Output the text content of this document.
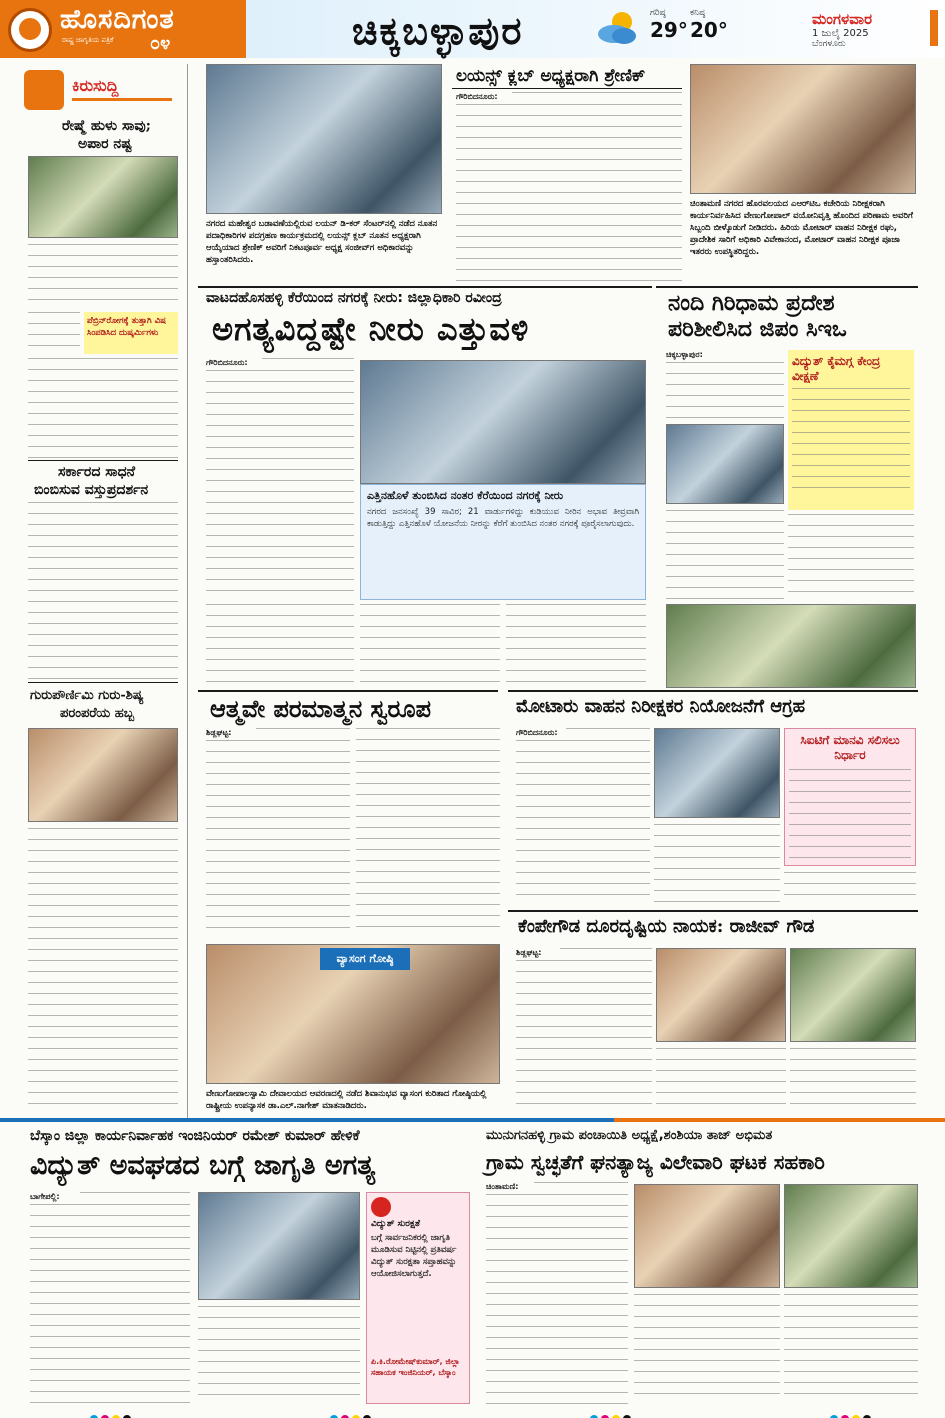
ಹೊಸದಿಗಂತ
ರಾಷ್ಟ್ರ ಜಾಗೃತಿಯ ಪತ್ರಿಕೆ ೦೪	ಚಿಕ್ಕಬಳ್ಳಾಪುರ	ಗರಿಷ್ಠ
29°
ಕನಿಷ್ಠ
20°	ಮಂಗಳವಾರ
1 ಜುಲೈ 2025
ಬೆಂಗಳೂರು
ಕಿರುಸುದ್ದಿ
ರೇಷ್ಮೆ ಹುಳು ಸಾವು;
ಅಪಾರ ನಷ್ಟ
ಪೆಬ್ರಿನ್‌ರೋಗಕ್ಕೆ ತುತ್ತಾಗಿ ವಿಷ ಸಿಂಪಡಿಸಿದ ದುಷ್ಕರ್ಮಿಗಳು
ಸರ್ಕಾರದ ಸಾಧನೆ
ಬಿಂಬಿಸುವ ವಸ್ತುಪ್ರದರ್ಶನ
ಗುರುಪೌರ್ಣಿಮಿ ಗುರು-ಶಿಷ್ಯ
ಪರಂಪರೆಯ ಹಬ್ಬ
ನಗರದ ಮಹೇಶ್ವರ ಬಡಾವಣೆಯಲ್ಲಿರುವ ಲಯನ್ ಡಿ-ಕರ್ ಸೆಂಟರ್‌ನಲ್ಲಿ ನಡೆದ ನೂತನ ಪದಾಧಿಕಾರಿಗಳ ಪದಗ್ರಹಣ ಕಾರ್ಯಕ್ರಮದಲ್ಲಿ ಲಯನ್ಸ್ ಕ್ಲಬ್ ನೂತನ ಅಧ್ಯಕ್ಷರಾಗಿ ಆಯ್ಕೆಯಾದ ಶ್ರೇಣಿಕ್ ಅವರಿಗೆ ನಿಕಟಪೂರ್ವ ಅಧ್ಯಕ್ಷ ಸಂಜೀವ್‌ಗ ಅಧಿಕಾರವನ್ನು ಹಸ್ತಾಂತರಿಸಿದರು.
ಲಯನ್ಸ್ ಕ್ಲಬ್ ಅಧ್ಯಕ್ಷರಾಗಿ ಶ್ರೇಣಿಕ್
ಗೌರಿಬಿದನೂರು:
ಚಿಂತಾಮಣಿ ನಗರದ ಹೊರವಲಯದ ಎಆರ್‌ಟಿಒ ಕಚೇರಿಯ ನಿರೀಕ್ಷಕರಾಗಿ ಕಾರ್ಯನಿರ್ವಹಿಸಿದ ವೇಣುಗೋಪಾಲ್ ವಯೋನಿವೃತ್ತಿ ಹೊಂದಿದ ಪರಿಣಾಮ ಅವರಿಗೆ ಸಿಬ್ಬಂದಿ ಬೀಳ್ಕೊಡುಗೆ ನೀಡಿದರು. ಹಿರಿಯ ಮೋಟಾರ್ ವಾಹನ ನಿರೀಕ್ಷಕ ರಘು, ಪ್ರಾದೇಶಿಕ ಸಾರಿಗೆ ಅಧಿಕಾರಿ ವಿವೇಕಾನಂದ, ಮೋಟಾರ್ ವಾಹನ ನಿರೀಕ್ಷಕ ಪೂಜಾ ಇತರರು ಉಪಸ್ಥಿತರಿದ್ದರು.
ವಾಟದಹೊಸಹಳ್ಳಿ ಕೆರೆಯಿಂದ ನಗರಕ್ಕೆ ನೀರು: ಜಿಲ್ಲಾಧಿಕಾರಿ ರವೀಂದ್ರ
ಅಗತ್ಯವಿದ್ದಷ್ಟೇ ನೀರು ಎತ್ತುವಳಿ
ಗೌರಿಬಿದನೂರು:
ಎತ್ತಿನಹೊಳೆ ತುಂಬಿಸಿದ ನಂತರ ಕೆರೆಯಿಂದ ನಗರಕ್ಕೆ ನೀರು
ನಗರದ ಜನಸಂಖ್ಯೆ 39 ಸಾವಿರ; 21 ವಾರ್ಡುಗಳಿದ್ದು ಕುಡಿಯುವ ನೀರಿನ ಅಭಾವ ತೀವ್ರವಾಗಿ ಕಾಡುತ್ತಿದ್ದು ಎತ್ತಿನಹೊಳೆ ಯೋಜನೆಯ ನೀರನ್ನು ಕೆರೆಗೆ ತುಂಬಿಸಿದ ನಂತರ ನಗರಕ್ಕೆ ಪೂರೈಸಲಾಗುವುದು.
ನಂದಿ ಗಿರಿಧಾಮ ಪ್ರದೇಶ
ಪರಿಶೀಲಿಸಿದ ಜಿಪಂ ಸಿಇಒ
ಚಿಕ್ಕಬಳ್ಳಾಪುರ:	ವಿದ್ಯುತ್ ಕೈಮಗ್ಗ ಕೇಂದ್ರ ವೀಕ್ಷಣೆ
ಆತ್ಮವೇ ಪರಮಾತ್ಮನ ಸ್ವರೂಪ
ಶಿಡ್ಲಘಟ್ಟ:
ವ್ಯಾಸಂಗ ಗೋಷ್ಠಿ
ವೇಣುಗೋಪಾಲಸ್ವಾಮಿ ದೇವಾಲಯದ ಆವರಣದಲ್ಲಿ ನಡೆದ ಶಿವಾನುಭವ ವ್ಯಾಸಂಗ ಕುರಿತಾದ ಗೋಷ್ಠಿಯಲ್ಲಿ ರಾಷ್ಟ್ರೀಯ ಉಪನ್ಯಾಸಕ ಡಾ.ಎಲ್.ನಾಗೇಶ್ ಮಾತನಾಡಿದರು.
ಮೋಟಾರು ವಾಹನ ನಿರೀಕ್ಷಕರ ನಿಯೋಜನೆಗೆ ಆಗ್ರಹ
ಗೌರಿಬಿದನೂರು:
ಸಿಐಟಿಗೆ ಮಾನವಿ ಸಲಿಸಲು ನಿರ್ಧಾರ
ಕೆಂಪೇಗೌಡ ದೂರದೃಷ್ಟಿಯ ನಾಯಕ: ರಾಜೀವ್ ಗೌಡ
ಶಿಡ್ಲಘಟ್ಟ:
ಬೆಸ್ಕಾಂ ಜಿಲ್ಲಾ ಕಾರ್ಯನಿರ್ವಾಹಕ ಇಂಜಿನಿಯರ್ ರಮೇಶ್ ಕುಮಾರ್ ಹೇಳಿಕೆ
ವಿದ್ಯುತ್ ಅವಘಡದ ಬಗ್ಗೆ ಜಾಗೃತಿ ಅಗತ್ಯ
ಬಾಗೇಪಲ್ಲಿ:
ವಿದ್ಯುತ್ ಸುರಕ್ಷತೆ
ಬಗ್ಗೆ ಸಾರ್ವಜನಿಕರಲ್ಲಿ ಜಾಗೃತಿ ಮೂಡಿಸುವ ನಿಟ್ಟಿನಲ್ಲಿ ಪ್ರತಿವರ್ಷ ವಿದ್ಯುತ್ ಸುರಕ್ಷತಾ ಸಪ್ತಾಹವನ್ನು ಆಯೋಜಿಸಲಾಗುತ್ತದೆ.
ಪಿ.ಕಿ.ರೋಮೇಷ್‌ಕುಮಾರ್, ಜಿಲ್ಲಾ ಸಹಾಯಕ ಇಂಜಿನಿಯರ್, ಬೆಸ್ಕಾಂ
ಮುನುಗನಹಳ್ಳಿ ಗ್ರಾಮ ಪಂಚಾಯಿತಿ ಅಧ್ಯಕ್ಷೆ,ಶಂಶಿಯಾ ತಾಜ್ ಅಭಿಮತ
ಗ್ರಾಮ ಸ್ವಚ್ಛತೆಗೆ ಘನತ್ಯಾಜ್ಯ ವಿಲೇವಾರಿ ಘಟಕ ಸಹಕಾರಿ
ಚಿಂತಾಮಣಿ:
